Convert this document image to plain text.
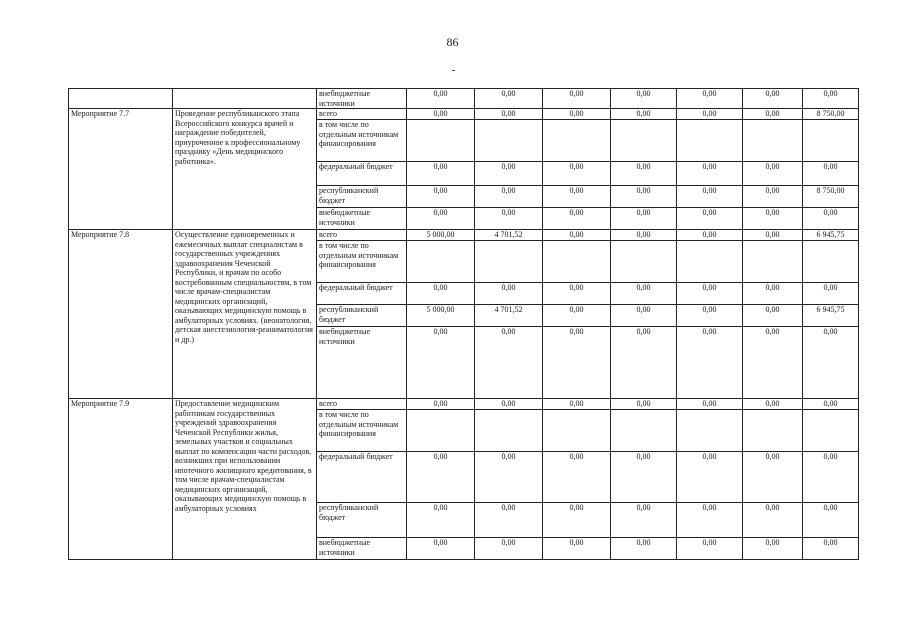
86
		внебюджетные источники	0,00	0,00	0,00	0,00	0,00	0,00	0,00
Мероприятие 7.7	Проведение республиканского этапа Всероссийского конкурса врачей и награждение победителей, приуроченное к профессиональному празднику «День медицинского работника».	всего	0,00	0,00	0,00	0,00	0,00	0,00	8 750,00
		в том числе по отдельным источникам финансирования							
		федеральный бюджет	0,00	0,00	0,00	0,00	0,00	0,00	0,00
		республиканский бюджет	0,00	0,00	0,00	0,00	0,00	0,00	8 750,00
		внебюджетные источники	0,00	0,00	0,00	0,00	0,00	0,00	0,00
Мероприятие 7.8	Осуществление единовременных и ежемесячных выплат специалистам в государственных учреждениях здравоохранения Чеченской Республики, и врачам по особо востребованным специальностям, в том числе врачам-специалистам медицинских организаций, оказывающих медицинскую помощь в амбулаторных условиях. (неонатология, детская анестезиология-реаниматология и др.)	всего	5 000,00	4 701,52	0,00	0,00	0,00	0,00	6 945,75
		в том числе по отдельным источникам финансирования							
		федеральный бюджет	0,00	0,00	0,00	0,00	0,00	0,00	0,00
		республиканский бюджет	5 000,00	4 701,52	0,00	0,00	0,00	0,00	6 945,75
		внебюджетные источники	0,00	0,00	0,00	0,00	0,00	0,00	0,00
Мероприятие 7.9	Предоставление медицинским работникам государственных учреждений здравоохранения Чеченской Республики жилья, земельных участков и социальных выплат по компенсации части расходов, возникших при использовании ипотечного жилищного кредитования, в том числе врачам-специалистам медицинских организаций, оказывающих медицинскую помощь в амбулаторных условиях	всего	0,00	0,00	0,00	0,00	0,00	0,00	0,00
		в том числе по отдельным источникам финансирования							
		федеральный бюджет	0,00	0,00	0,00	0,00	0,00	0,00	0,00
		республиканский бюджет	0,00	0,00	0,00	0,00	0,00	0,00	0,00
		внебюджетные источники	0,00	0,00	0,00	0,00	0,00	0,00	0,00
